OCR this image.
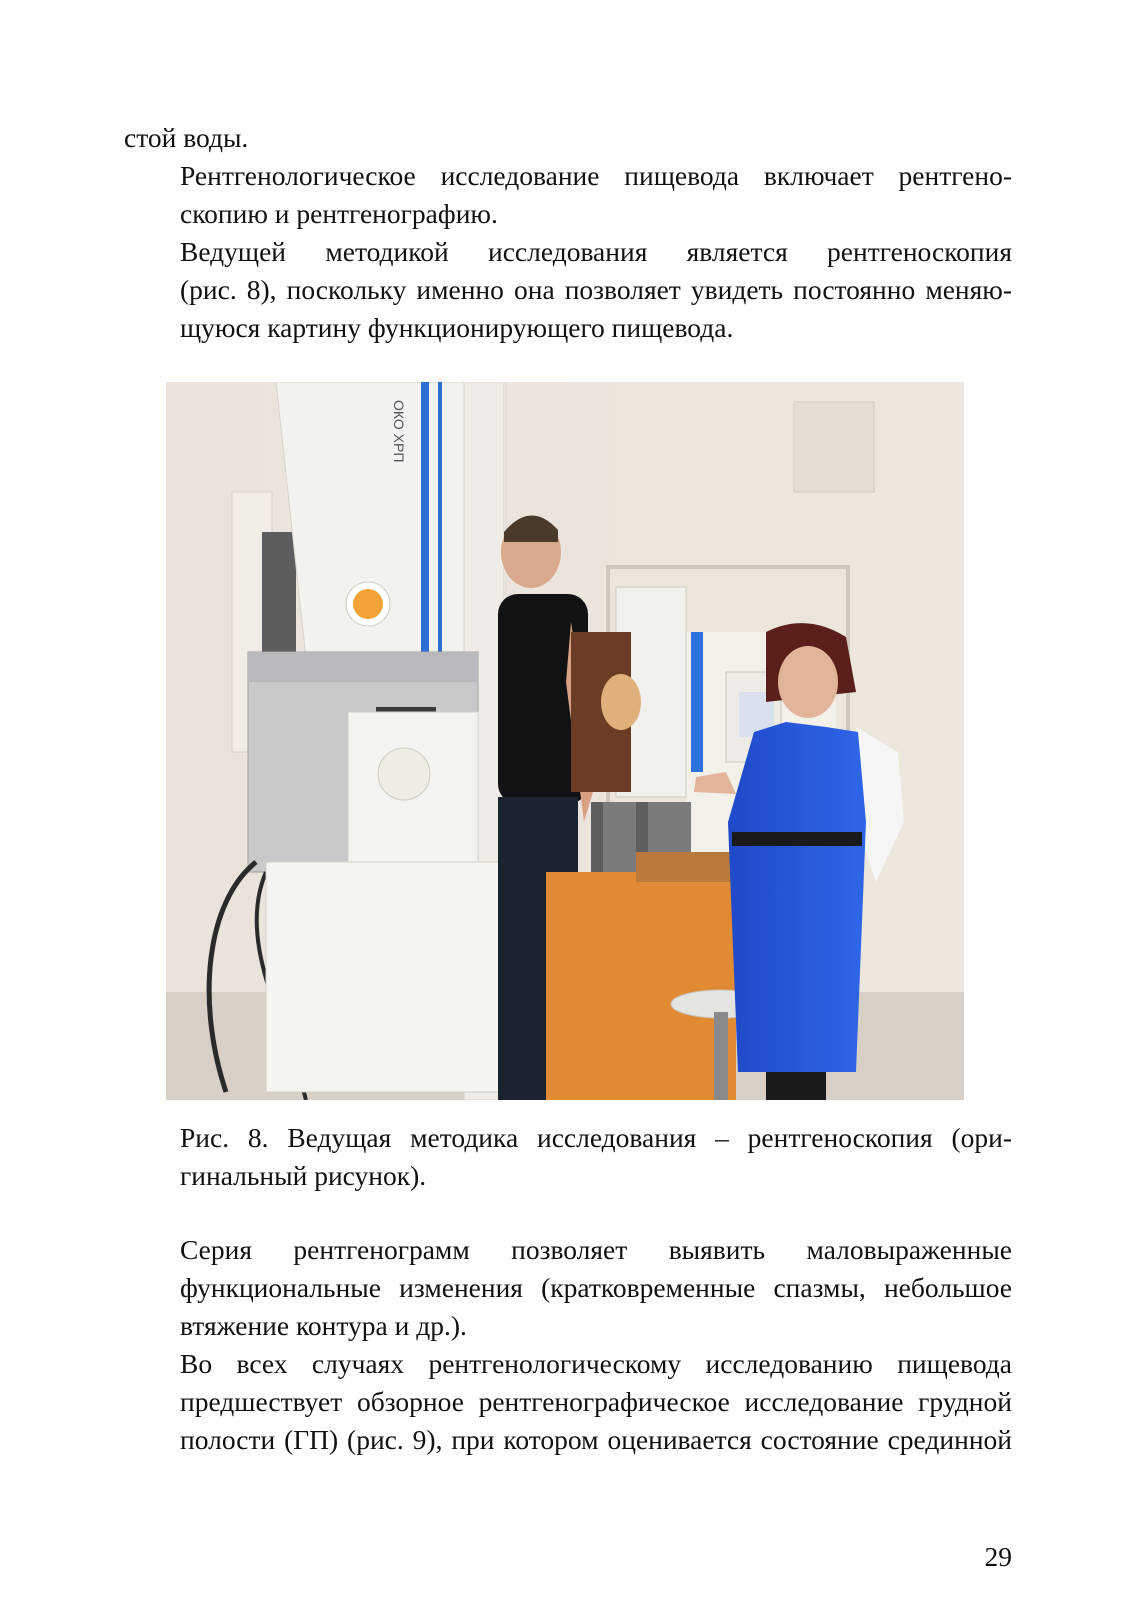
стой воды.

Рентгенологическое исследование пищевода включает рентгено-
скопию и рентгенографию.

Ведущей методикой исследования является рентгеноскопия
(рис. 8), поскольку именно она позволяет увидеть постоянно меняю-
щуюся картину функционирующего пищевода.

ОКО ХРП

Рис. 8. Ведущая методика исследования – рентгеноскопия (ори-
гинальный рисунок).

Серия рентгенограмм позволяет выявить маловыраженные
функциональные изменения (кратковременные спазмы, небольшое
втяжение контура и др.).

Во всех случаях рентгенологическому исследованию пищевода
предшествует обзорное рентгенографическое исследование грудной
полости (ГП) (рис. 9), при котором оценивается состояние срединной

29
